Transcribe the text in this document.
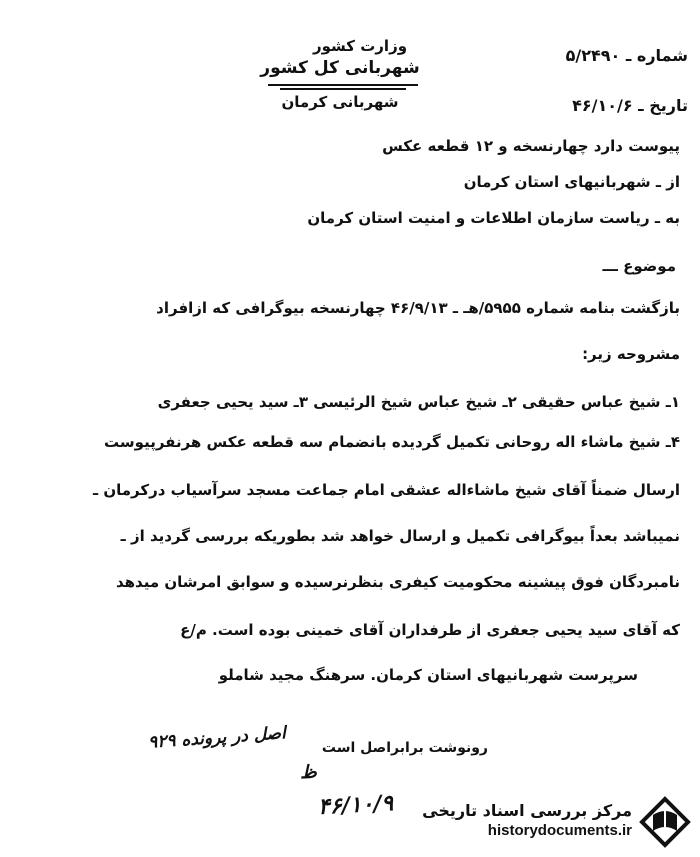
وزارت کشور
شهربانی کل کشور
شهربانی کرمان
شماره ـ ۵/۲۴۹۰
تاریخ ـ ۴۶/۱۰/۶
پیوست دارد چهارنسخه و ۱۲ قطعه عکس
از ـ شهربانیهای استان کرمان
به ـ ریاست سازمان اطلاعات و امنیت استان کرمان
موضوع ـــ
بازگشت بنامه شماره ۵۹۵۵/هـ ـ ۴۶/۹/۱۳ چهارنسخه بیوگرافی که ازافراد
مشروحه زیر:
۱ـ شیخ عباس حقیقی ۲ـ شیخ عباس شیخ الرئیسی ۳ـ سید یحیی جعفری
۴ـ شیخ ماشاء اله روحانی تکمیل گردیده بانضمام سه قطعه عکس هرنفرپیوست
ارسال ضمناً آقای شیخ ماشاءاله عشقی امام جماعت مسجد سرآسیاب درکرمان ـ
نمیباشد بعداً بیوگرافی تکمیل و ارسال خواهد شد بطوریکه بررسی گردید از ـ
نامبردگان فوق پیشینه محکومیت کیفری بنظرنرسیده و سوابق امرشان میدهد
که آقای سید یحیی جعفری از طرفداران آقای خمینی بوده است. م/ع
سرپرست شهربانیهای استان کرمان. سرهنگ مجید شاملو
رونوشت برابراصل است
اصل در پرونده ۹۲۹
ظ
۴۶/۱۰/۹ مرکز بررسی اسناد تاریخی
historydocuments.ir
